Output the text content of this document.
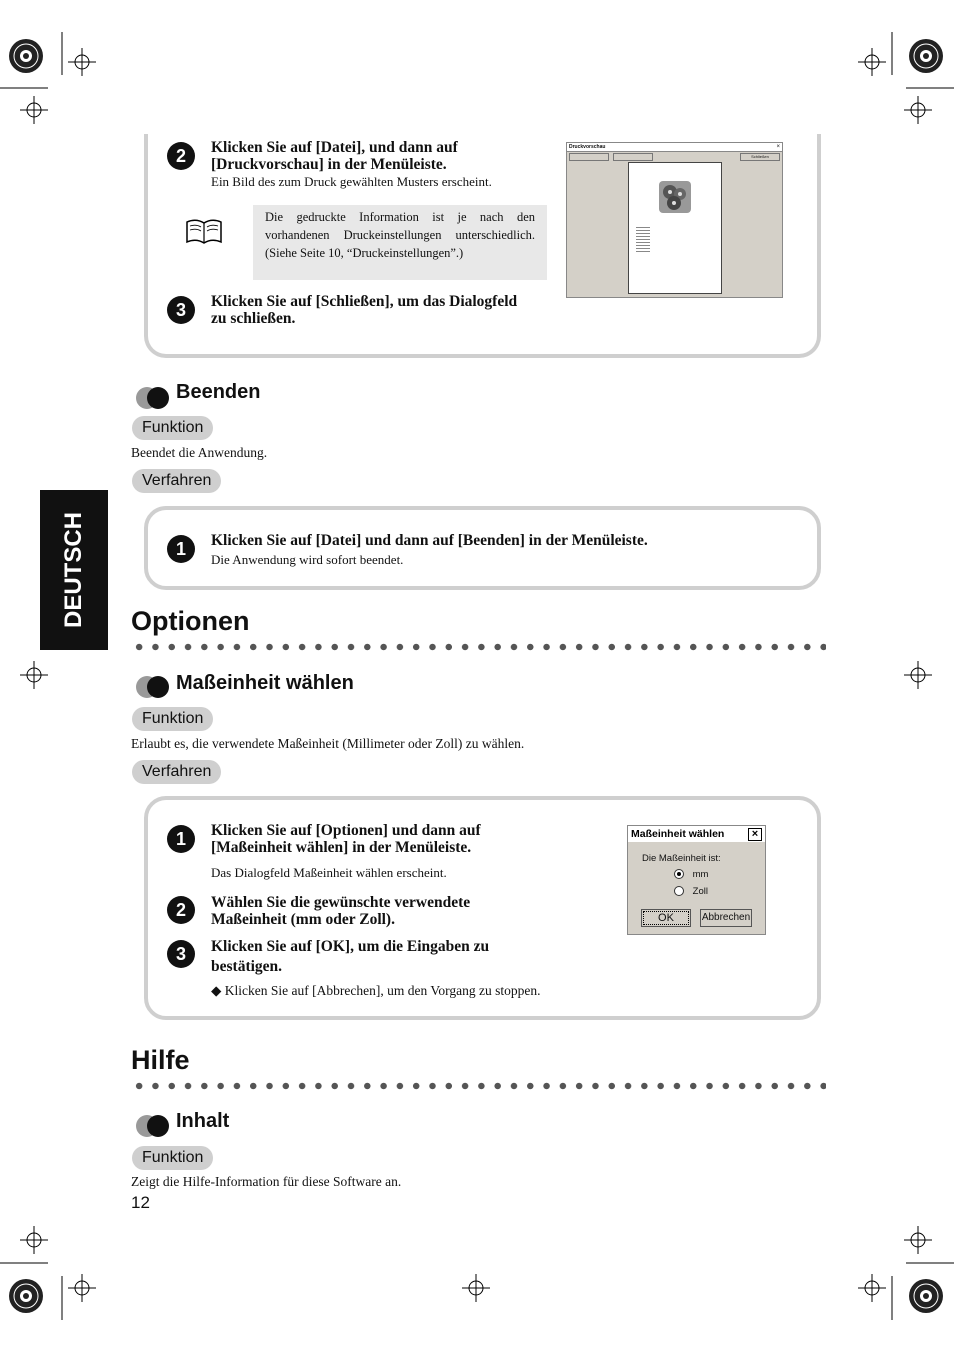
DEUTSCH
2	Klicken Sie auf [Datei], und dann auf [Druckvorschau] in der Menüleiste.
Ein Bild des zum Druck gewählten Musters erscheint.
Die gedruckte Information ist je nach den vorhandenen Druckeinstellungen unterschiedlich. (Siehe Seite 10, “Druckeinstellungen”.)
3	Klicken Sie auf [Schließen], um das Dialogfeld zu schließen.
Druckvorschau	×
Schließen
Beenden
Funktion
Beendet die Anwendung.
Verfahren
1	Klicken Sie auf [Datei] und dann auf [Beenden] in der Menüleiste.
Die Anwendung wird sofort beendet.
Optionen
Maßeinheit wählen
Funktion
Erlaubt es, die verwendete Maßeinheit (Millimeter oder Zoll) zu wählen.
Verfahren
1	Klicken Sie auf [Optionen] und dann auf [Maßeinheit wählen] in der Menüleiste.
Das Dialogfeld Maßeinheit wählen erscheint.
2	Wählen Sie die gewünschte verwendete Maßeinheit (mm oder Zoll).
3	Klicken Sie auf [OK], um die Eingaben zu bestätigen.
◆ Klicken Sie auf [Abbrechen], um den Vorgang zu stoppen.
Maßeinheit wählen	×
Die Maßeinheit ist:
mm
Zoll
OK	Abbrechen
Hilfe
Inhalt
Funktion
Zeigt die Hilfe-Information für diese Software an.
12
